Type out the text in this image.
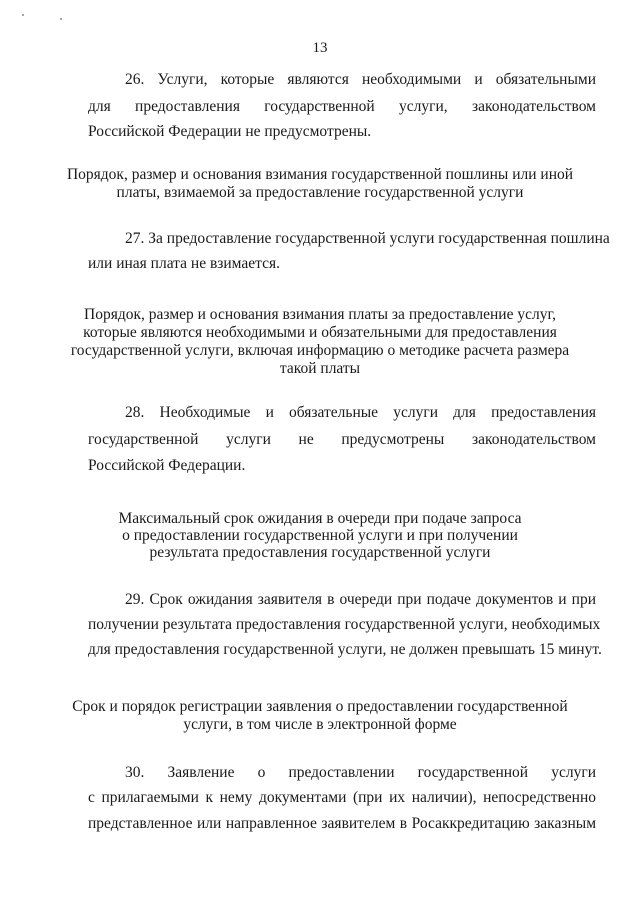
13
26. Услуги, которые являются необходимыми и обязательными
для предоставления государственной услуги, законодательством
Российской Федерации не предусмотрены.
Порядок, размер и основания взимания государственной пошлины или иной
платы, взимаемой за предоставление государственной услуги
27. За предоставление государственной услуги государственная пошлина
или иная плата не взимается.
Порядок, размер и основания взимания платы за предоставление услуг,
которые являются необходимыми и обязательными для предоставления
государственной услуги, включая информацию о методике расчета размера
такой платы
28. Необходимые и обязательные услуги для предоставления
государственной услуги не предусмотрены законодательством
Российской Федерации.
Максимальный срок ожидания в очереди при подаче запроса
о предоставлении государственной услуги и при получении
результата предоставления государственной услуги
29. Срок ожидания заявителя в очереди при подаче документов и при
получении результата предоставления государственной услуги, необходимых
для предоставления государственной услуги, не должен превышать 15 минут.
Срок и порядок регистрации заявления о предоставлении государственной
услуги, в том числе в электронной форме
30. Заявление о предоставлении государственной услуги
с прилагаемыми к нему документами (при их наличии), непосредственно
представленное или направленное заявителем в Росаккредитацию заказным
